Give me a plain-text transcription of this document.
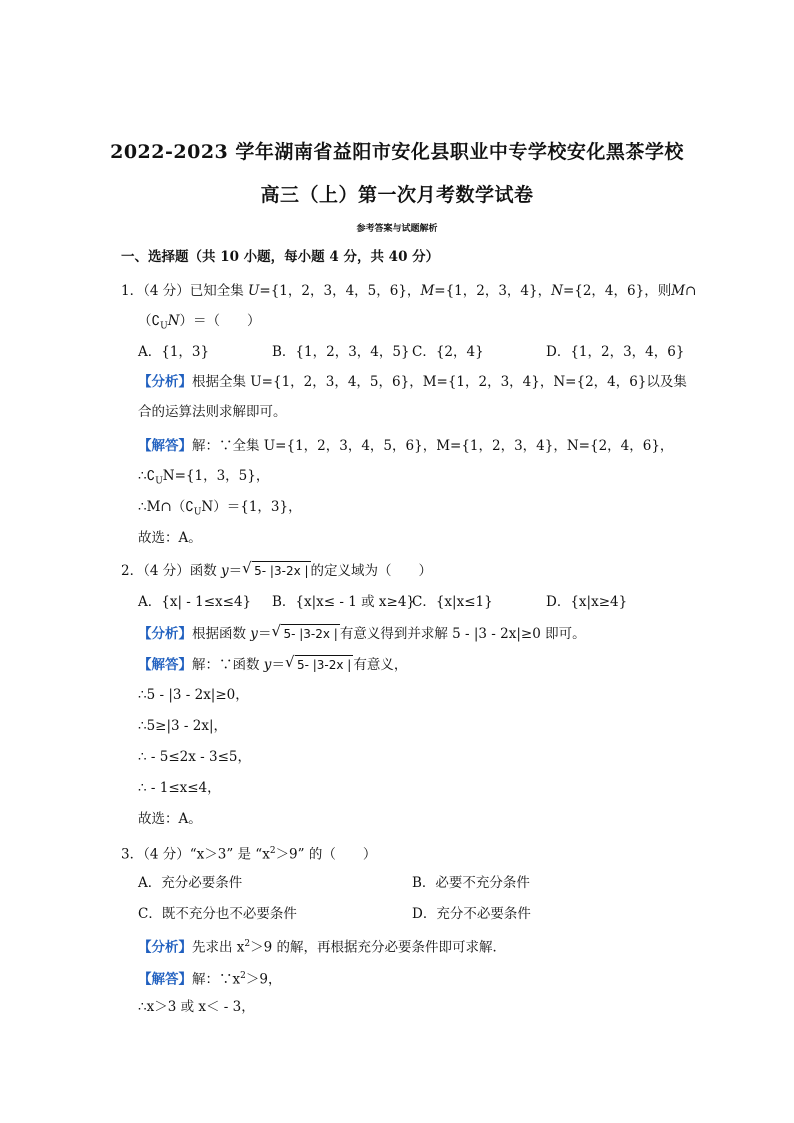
2022-2023 学年湖南省益阳市安化县职业中专学校安化黑茶学校
高三（上）第一次月考数学试卷
参考答案与试题解析
一、选择题（共 10 小题，每小题 4 分，共 40 分）
1．（4 分）已知全集 U={1，2，3，4，5，6}，M={1，2，3，4}，N={2，4，6}，则M∩
$(∁_UN)=$（　　）
A．{1，3}	B．{1，2，3，4，5} C．{2，4}	D．{1，2，3，4，6}
【分析】根据全集 U={1，2，3，4，5，6}，M={1，2，3，4}，N={2，4，6}以及集
合的运算法则求解即可。
【解答】解：∵全集 U={1，2，3，4，5，6}，M={1，2，3，4}，N={2，4，6}，
$\therefore∁_UN=\{1$，3，5}，
$\therefore M\cap(∁_UN)=\{1$，3}，
故选：A。
2．（4 分）函数 y＝ √ 5- |3-2x | 的定义域为（　　）
A．{x| - 1≤x≤4} B．{x|x≤ - 1 或 x≥4}
C．{x|x≤1}	D．{x|x≥4}
【分析】根据函数 y＝ √ 5- |3-2x | 有意义得到并求解 5 - |3 - 2x|≥0 即可。
【解答】解：∵函数 y＝ √ 5- |3-2x | 有意义，
∴5 - |3 - 2x|≥0，
∴5≥|3 - 2x|，
∴ - 5≤2x - 3≤5，
∴ - 1≤x≤4，
故选：A。
3．（4 分）“x＞3” 是 “$x^2>9$” 的（　　）
A．充分必要条件	B．必要不充分条件
C．既不充分也不必要条件	D．充分不必要条件
【分析】先求出 $x^2>9$ 的解，再根据充分必要条件即可求解．
【解答】解：$\because x^2>9$，
∴x＞3 或 x＜ - 3，
